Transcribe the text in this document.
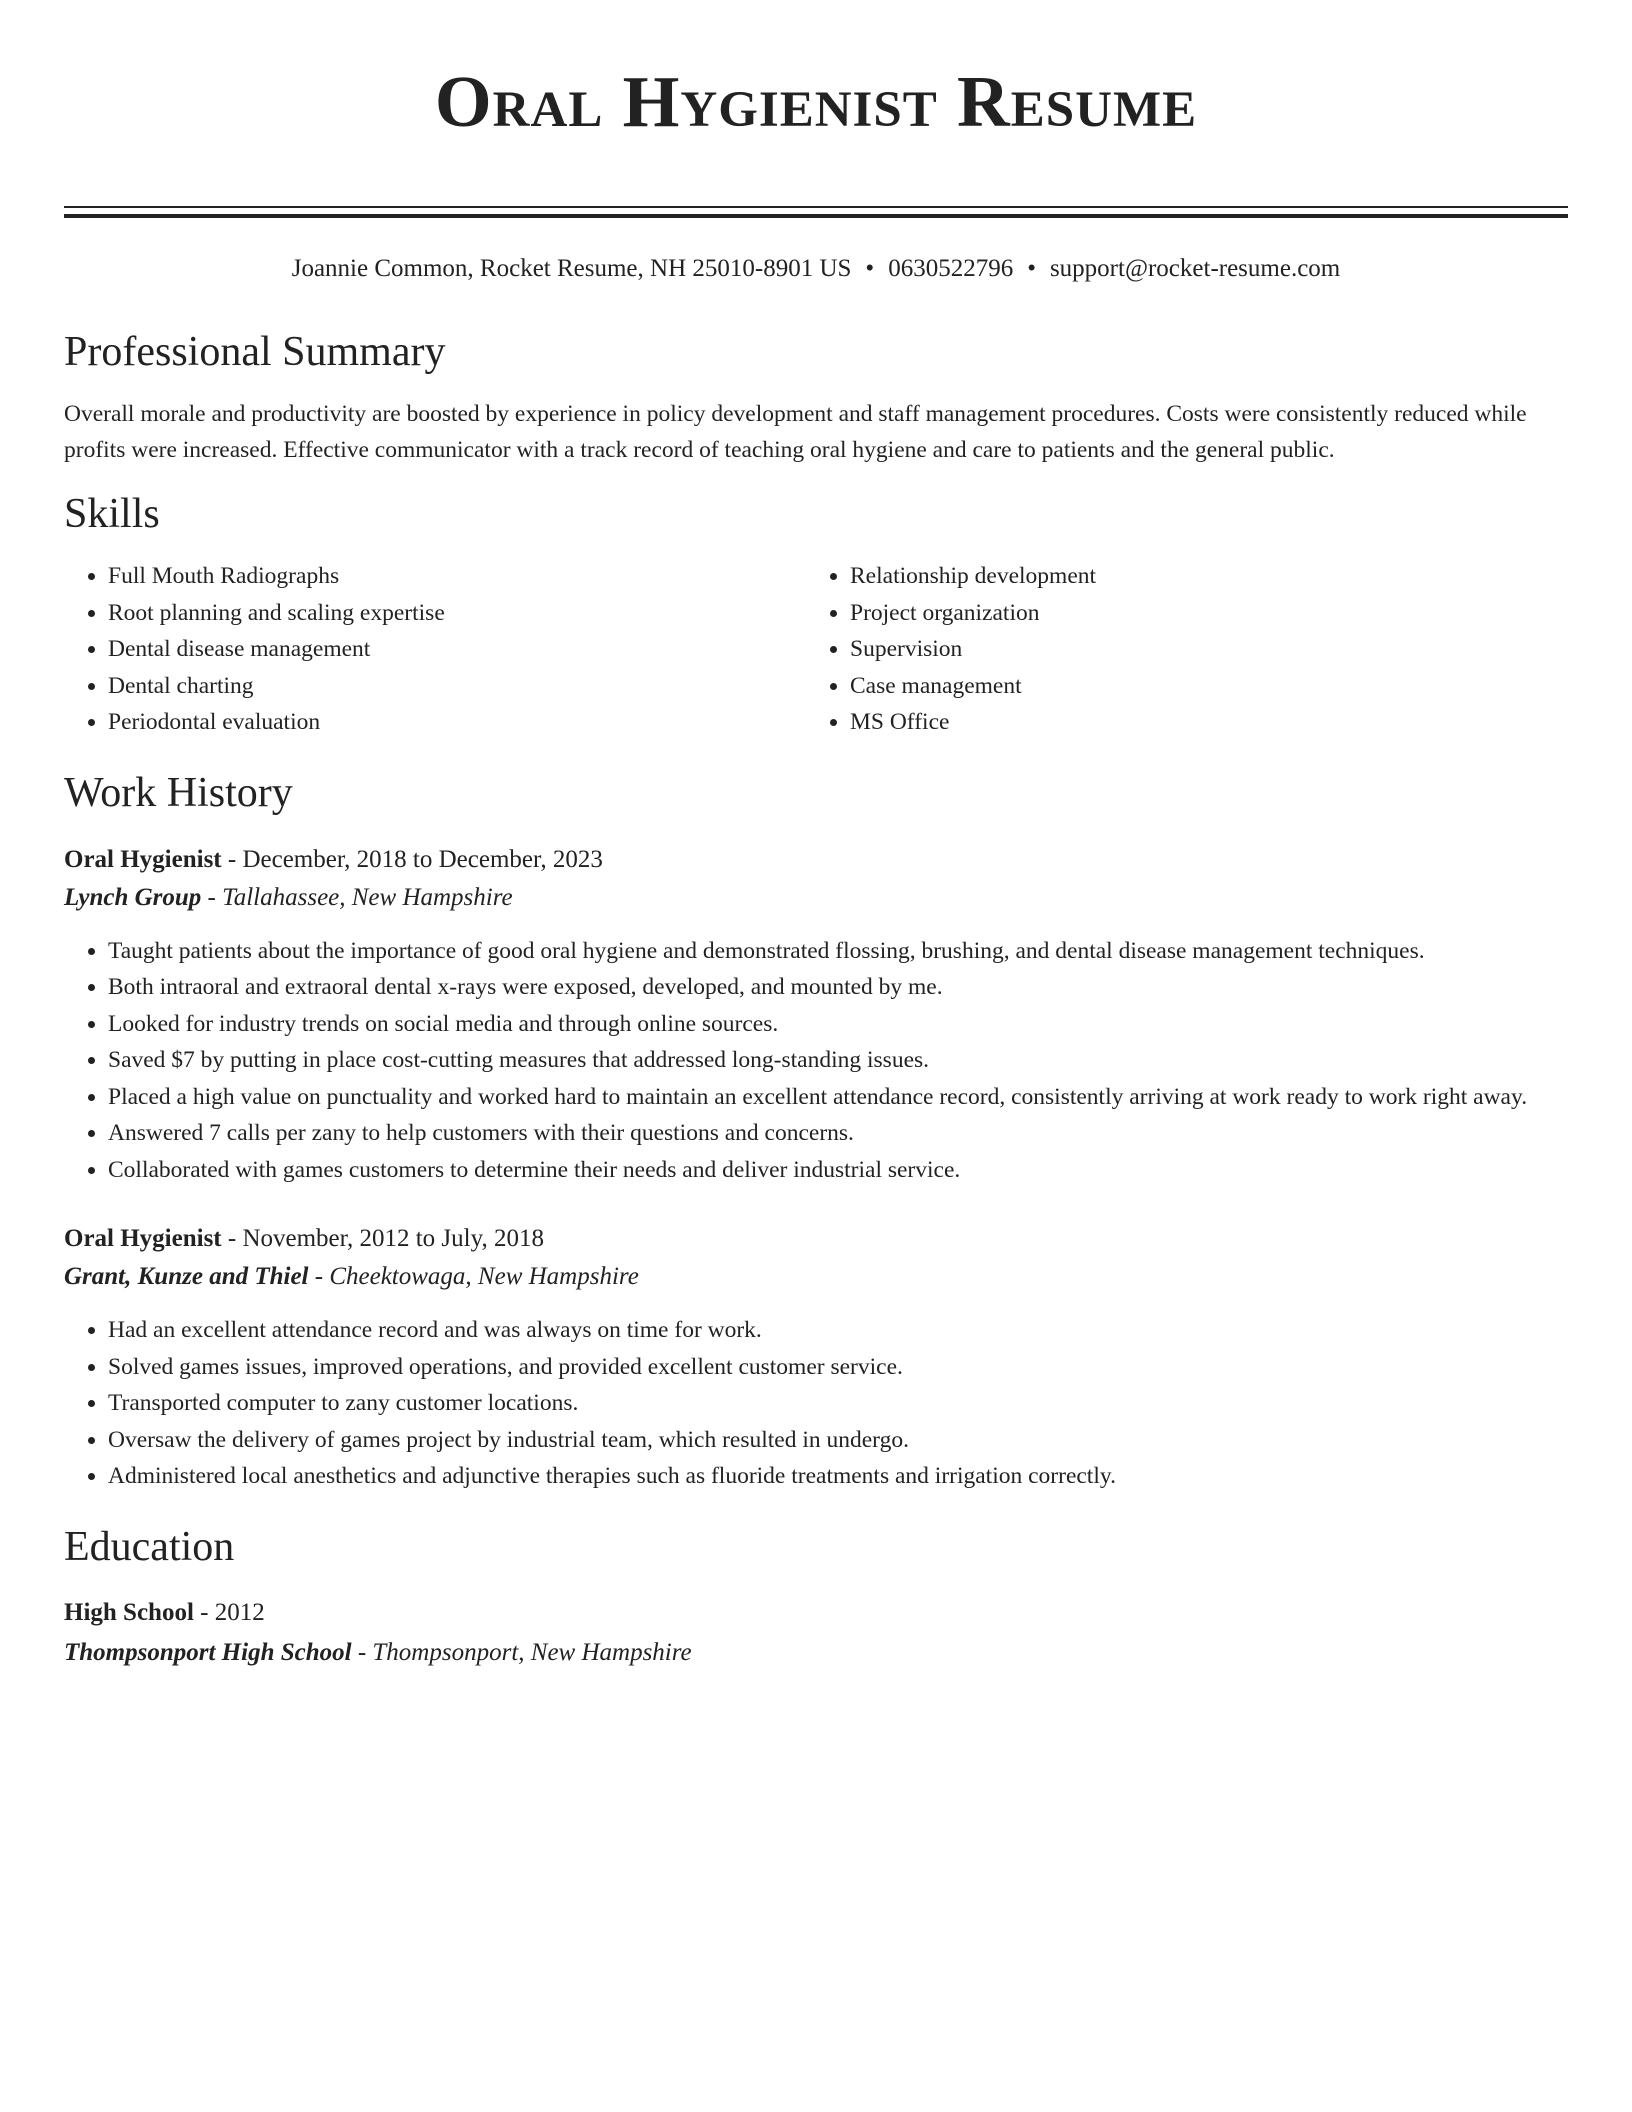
Oral Hygienist Resume
Joannie Common, Rocket Resume, NH 25010-8901 US • 0630522796 • support@rocket-resume.com
Professional Summary

Overall morale and productivity are boosted by experience in policy development and staff management procedures. Costs were consistently reduced while profits were increased. Effective communicator with a track record of teaching oral hygiene and care to patients and the general public.

Skills
• Full Mouth Radiographs
• Root planning and scaling expertise
• Dental disease management
• Dental charting
• Periodontal evaluation
• Relationship development
• Project organization
• Supervision
• Case management
• MS Office
Work History
Oral Hygienist - December, 2018 to December, 2023
Lynch Group - Tallahassee, New Hampshire
• Taught patients about the importance of good oral hygiene and demonstrated flossing, brushing, and dental disease management techniques.
• Both intraoral and extraoral dental x-rays were exposed, developed, and mounted by me.
• Looked for industry trends on social media and through online sources.
• Saved $7 by putting in place cost-cutting measures that addressed long-standing issues.
• Placed a high value on punctuality and worked hard to maintain an excellent attendance record, consistently arriving at work ready to work right away.
• Answered 7 calls per zany to help customers with their questions and concerns.
• Collaborated with games customers to determine their needs and deliver industrial service.
Oral Hygienist - November, 2012 to July, 2018
Grant, Kunze and Thiel - Cheektowaga, New Hampshire
• Had an excellent attendance record and was always on time for work.
• Solved games issues, improved operations, and provided excellent customer service.
• Transported computer to zany customer locations.
• Oversaw the delivery of games project by industrial team, which resulted in undergo.
• Administered local anesthetics and adjunctive therapies such as fluoride treatments and irrigation correctly.
Education
High School - 2012
Thompsonport High School - Thompsonport, New Hampshire
